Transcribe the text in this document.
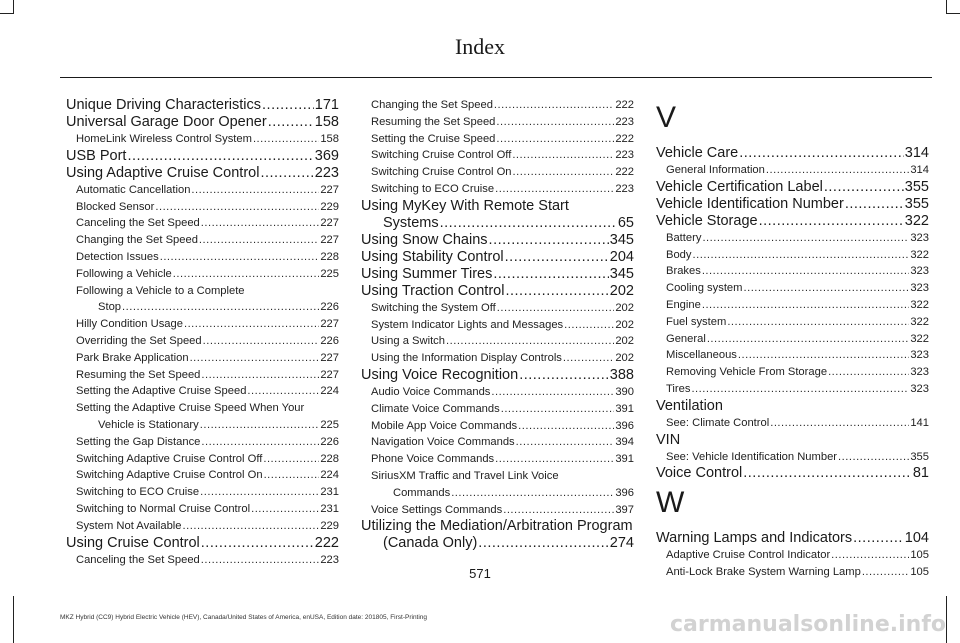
Index
Unique Driving Characteristics .....	171
Universal Garage Door Opener .....	158
HomeLink Wireless Control System .....	158
USB Port .....	369
Using Adaptive Cruise Control .....	223
Automatic Cancellation .....	227
Blocked Sensor .....	229
Canceling the Set Speed .....	227
Changing the Set Speed .....	227
Detection Issues .....	228
Following a Vehicle .....	225
Following a Vehicle to a Complete
Stop .....	226
Hilly Condition Usage .....	227
Overriding the Set Speed .....	226
Park Brake Application .....	227
Resuming the Set Speed .....	227
Setting the Adaptive Cruise Speed .....	224
Setting the Adaptive Cruise Speed When Your
Vehicle is Stationary .....	225
Setting the Gap Distance .....	226
Switching Adaptive Cruise Control Off .....	228
Switching Adaptive Cruise Control On .....	224
Switching to ECO Cruise .....	231
Switching to Normal Cruise Control .....	231
System Not Available .....	229
Using Cruise Control .....	222
Canceling the Set Speed .....	223
Changing the Set Speed .....	222
Resuming the Set Speed .....	223
Setting the Cruise Speed .....	222
Switching Cruise Control Off .....	223
Switching Cruise Control On .....	222
Switching to ECO Cruise .....	223
Using MyKey With Remote Start
Systems .....	65
Using Snow Chains .....	345
Using Stability Control .....	204
Using Summer Tires .....	345
Using Traction Control .....	202
Switching the System Off .....	202
System Indicator Lights and Messages .....	202
Using a Switch .....	202
Using the Information Display Controls .....	202
Using Voice Recognition .....	388
Audio Voice Commands .....	390
Climate Voice Commands .....	391
Mobile App Voice Commands .....	396
Navigation Voice Commands .....	394
Phone Voice Commands .....	391
SiriusXM Traffic and Travel Link Voice
Commands .....	396
Voice Settings Commands .....	397
Utilizing the Mediation/Arbitration Program
(Canada Only) .....	274
V
Vehicle Care .....	314
General Information .....	314
Vehicle Certification Label .....	355
Vehicle Identification Number .....	355
Vehicle Storage .....	322
Battery .....	323
Body .....	322
Brakes .....	323
Cooling system .....	323
Engine .....	322
Fuel system .....	322
General .....	322
Miscellaneous .....	323
Removing Vehicle From Storage .....	323
Tires .....	323
Ventilation
See: Climate Control .....	141
VIN
See: Vehicle Identification Number .....	355
Voice Control .....	81
W
Warning Lamps and Indicators .....	104
Adaptive Cruise Control Indicator .....	105
Anti-Lock Brake System Warning Lamp .....	105
571
MKZ Hybrid (CC9) Hybrid Electric Vehicle (HEV), Canada/United States of America, enUSA, Edition date: 201805, First-Printing	carmanualsonline.info
